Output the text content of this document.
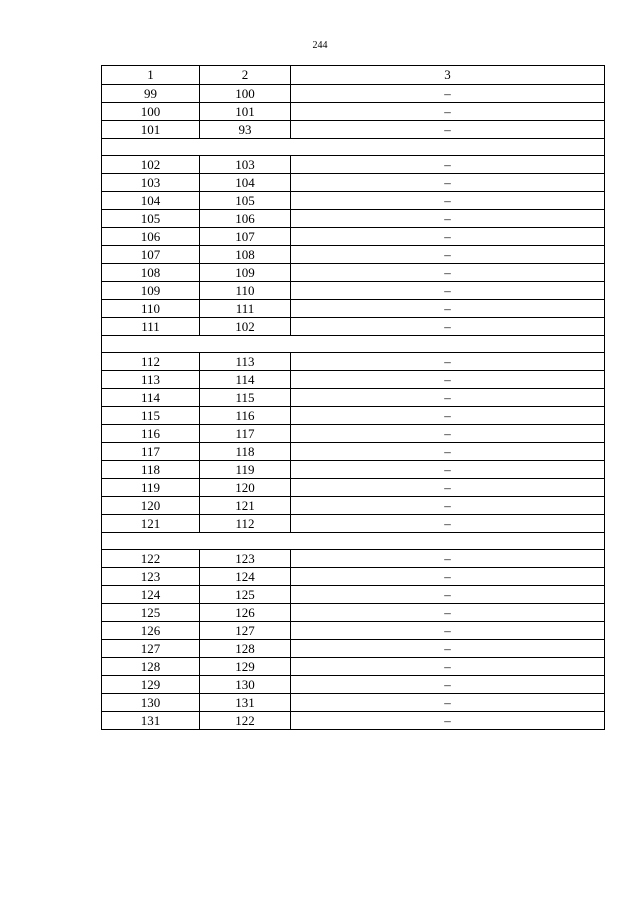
244
1	2	3
99	100	–
100	101	–
101	93	–

102	103	–
103	104	–
104	105	–
105	106	–
106	107	–
107	108	–
108	109	–
109	110	–
110	111	–
111	102	–

112	113	–
113	114	–
114	115	–
115	116	–
116	117	–
117	118	–
118	119	–
119	120	–
120	121	–
121	112	–

122	123	–
123	124	–
124	125	–
125	126	–
126	127	–
127	128	–
128	129	–
129	130	–
130	131	–
131	122	–
